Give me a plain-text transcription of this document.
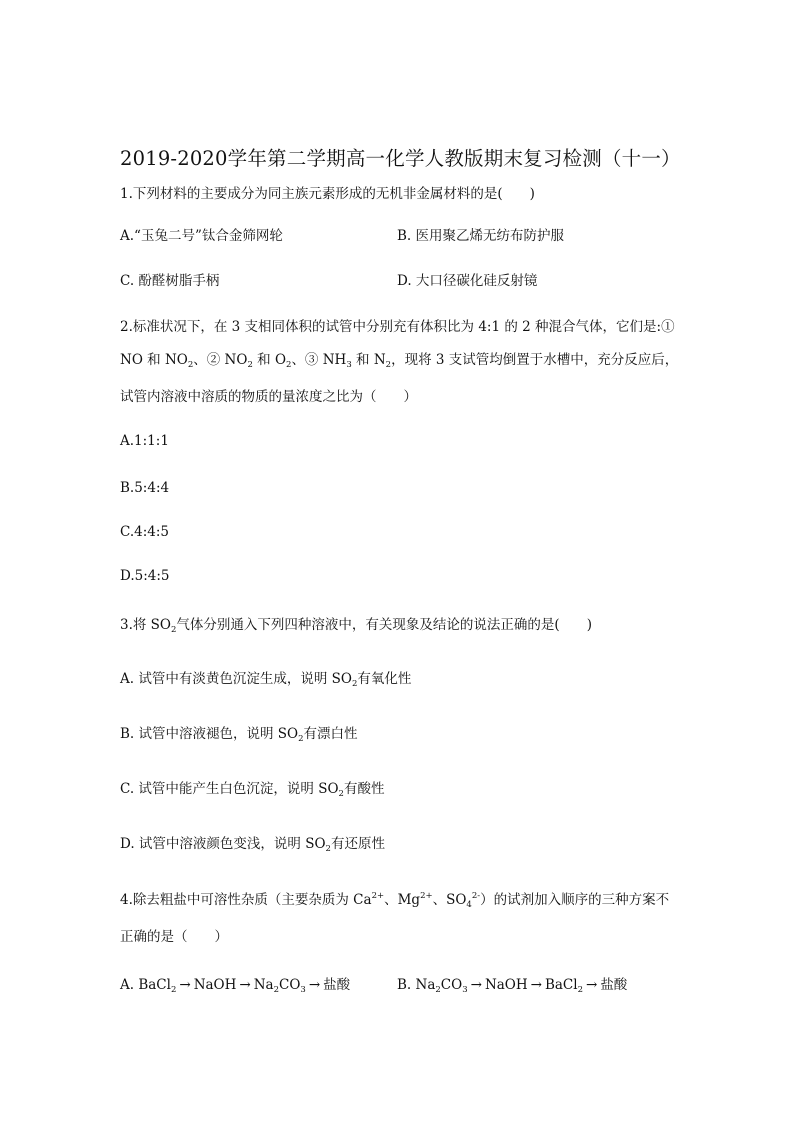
2019-2020学年第二学期高一化学人教版期末复习检测（十一）
1.下列材料的主要成分为同主族元素形成的无机非金属材料的是(　　)
A.“玉兔二号”钛合金筛网轮	B. 医用聚乙烯无纺布防护服
C. 酚醛树脂手柄	D. 大口径碳化硅反射镜
2.标准状况下，在 3 支相同体积的试管中分别充有体积比为 4:1 的 2 种混合气体，它们是:①
NO 和 $NO_2$、② $NO_2$ 和 $O_2$、③ $NH_3$ 和 $N_2$，现将 3 支试管均倒置于水槽中，充分反应后，
试管内溶液中溶质的物质的量浓度之比为（　　）
A.1:1:1
B.5:4:4
C.4:4:5
D.5:4:5
3.将 $SO_2$气体分别通入下列四种溶液中，有关现象及结论的说法正确的是(　　)
A. 试管中有淡黄色沉淀生成，说明 $SO_2$有氧化性
B. 试管中溶液褪色，说明 $SO_2$有漂白性
C. 试管中能产生白色沉淀，说明 $SO_2$有酸性
D. 试管中溶液颜色变浅，说明 $SO_2$有还原性
4.除去粗盐中可溶性杂质（主要杂质为 $Ca^{2+}$、$Mg^{2+}$、$SO_4^{2-}$）的试剂加入顺序的三种方案不
正确的是（　　）
A. BaCl$_2$ → NaOH → $Na_2CO_3$ → 盐酸	B. $Na_2CO_3$ → NaOH → BaCl$_2$ → 盐酸
